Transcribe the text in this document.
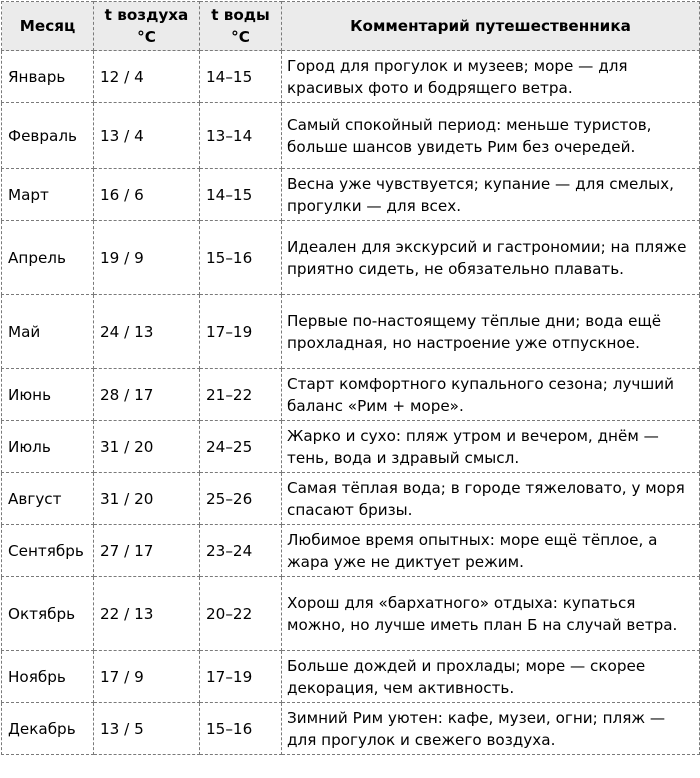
Месяц	t воздуха °C	t воды °C	Комментарий путешественника
Январь	12 / 4	14–15	Город для прогулок и музеев; море — для красивых фото и бодрящего ветра.
Февраль	13 / 4	13–14	Самый спокойный период: меньше туристов, больше шансов увидеть Рим без очередей.
Март	16 / 6	14–15	Весна уже чувствуется; купание — для смелых, прогулки — для всех.
Апрель	19 / 9	15–16	Идеален для экскурсий и гастрономии; на пляже приятно сидеть, не обязательно плавать.
Май	24 / 13	17–19	Первые по-настоящему тёплые дни; вода ещё прохладная, но настроение уже отпускное.
Июнь	28 / 17	21–22	Старт комфортного купального сезона; лучший баланс «Рим + море».
Июль	31 / 20	24–25	Жарко и сухо: пляж утром и вечером, днём — тень, вода и здравый смысл.
Август	31 / 20	25–26	Самая тёплая вода; в городе тяжеловато, у моря спасают бризы.
Сентябрь	27 / 17	23–24	Любимое время опытных: море ещё тёплое, а жара уже не диктует режим.
Октябрь	22 / 13	20–22	Хорош для «бархатного» отдыха: купаться можно, но лучше иметь план Б на случай ветра.
Ноябрь	17 / 9	17–19	Больше дождей и прохлады; море — скорее декорация, чем активность.
Декабрь	13 / 5	15–16	Зимний Рим уютен: кафе, музеи, огни; пляж — для прогулок и свежего воздуха.
